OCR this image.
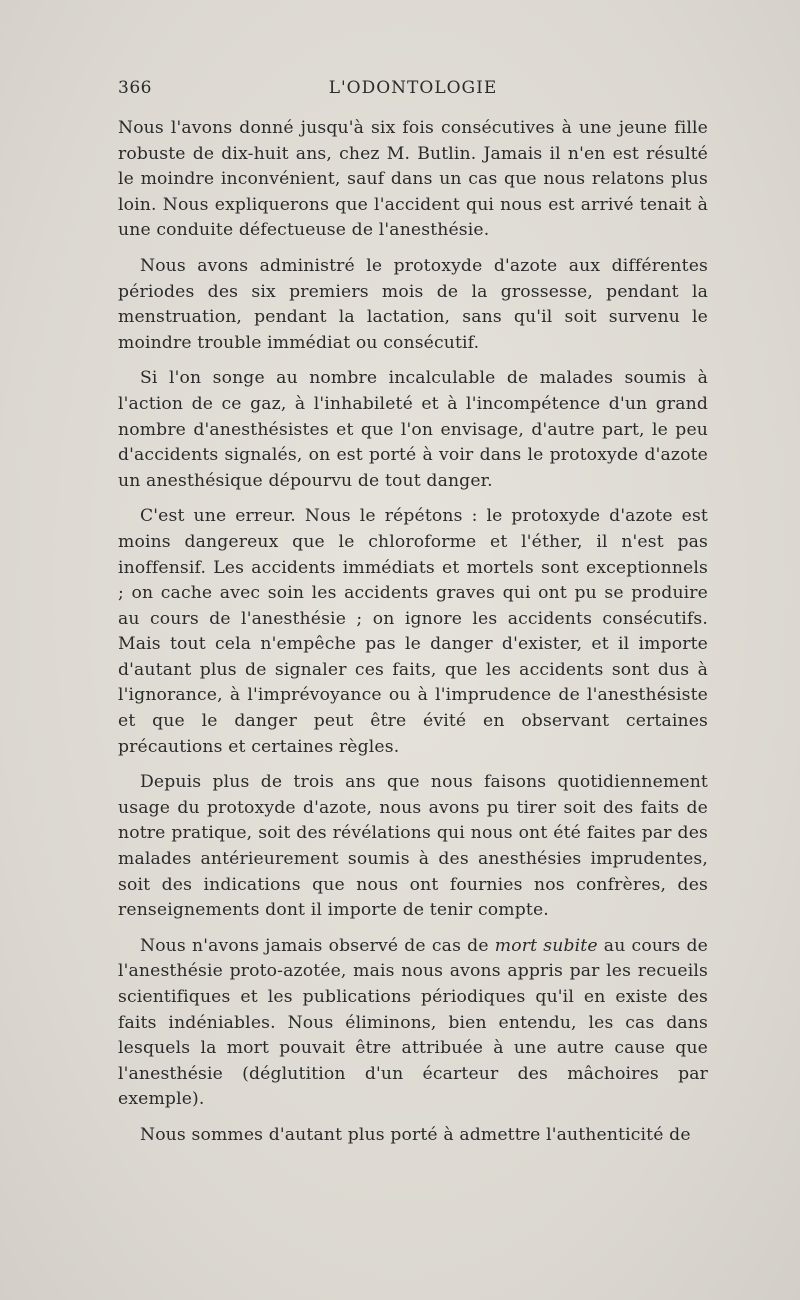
366	L'ODONTOLOGIE

Nous l'avons donné jusqu'à six fois consécutives à une jeune fille robuste de dix-huit ans, chez M. Butlin. Jamais il n'en est résulté le moindre inconvénient, sauf dans un cas que nous relatons plus loin. Nous expliquerons que l'accident qui nous est arrivé tenait à une conduite défectueuse de l'anesthésie.

Nous avons administré le protoxyde d'azote aux différentes périodes des six premiers mois de la grossesse, pendant la menstruation, pendant la lactation, sans qu'il soit survenu le moindre trouble immédiat ou consécutif.

Si l'on songe au nombre incalculable de malades soumis à l'action de ce gaz, à l'inhabileté et à l'incompétence d'un grand nombre d'anesthésistes et que l'on envisage, d'autre part, le peu d'accidents signalés, on est porté à voir dans le protoxyde d'azote un anesthésique dépourvu de tout danger.

C'est une erreur. Nous le répétons : le protoxyde d'azote est moins dangereux que le chloroforme et l'éther, il n'est pas inoffensif. Les accidents immédiats et mortels sont exceptionnels ; on cache avec soin les accidents graves qui ont pu se produire au cours de l'anesthésie ; on ignore les accidents consécutifs. Mais tout cela n'empêche pas le danger d'exister, et il importe d'autant plus de signaler ces faits, que les accidents sont dus à l'ignorance, à l'imprévoyance ou à l'imprudence de l'anesthésiste et que le danger peut être évité en observant certaines précautions et certaines règles.

Depuis plus de trois ans que nous faisons quotidiennement usage du protoxyde d'azote, nous avons pu tirer soit des faits de notre pratique, soit des révélations qui nous ont été faites par des malades antérieurement soumis à des anesthésies imprudentes, soit des indications que nous ont fournies nos confrères, des renseignements dont il importe de tenir compte.

Nous n'avons jamais observé de cas de mort subite au cours de l'anesthésie proto-azotée, mais nous avons appris par les recueils scientifiques et les publications périodiques qu'il en existe des faits indéniables. Nous éliminons, bien entendu, les cas dans lesquels la mort pouvait être attribuée à une autre cause que l'anesthésie (déglutition d'un écarteur des mâchoires par exemple).

Nous sommes d'autant plus porté à admettre l'authenticité de
